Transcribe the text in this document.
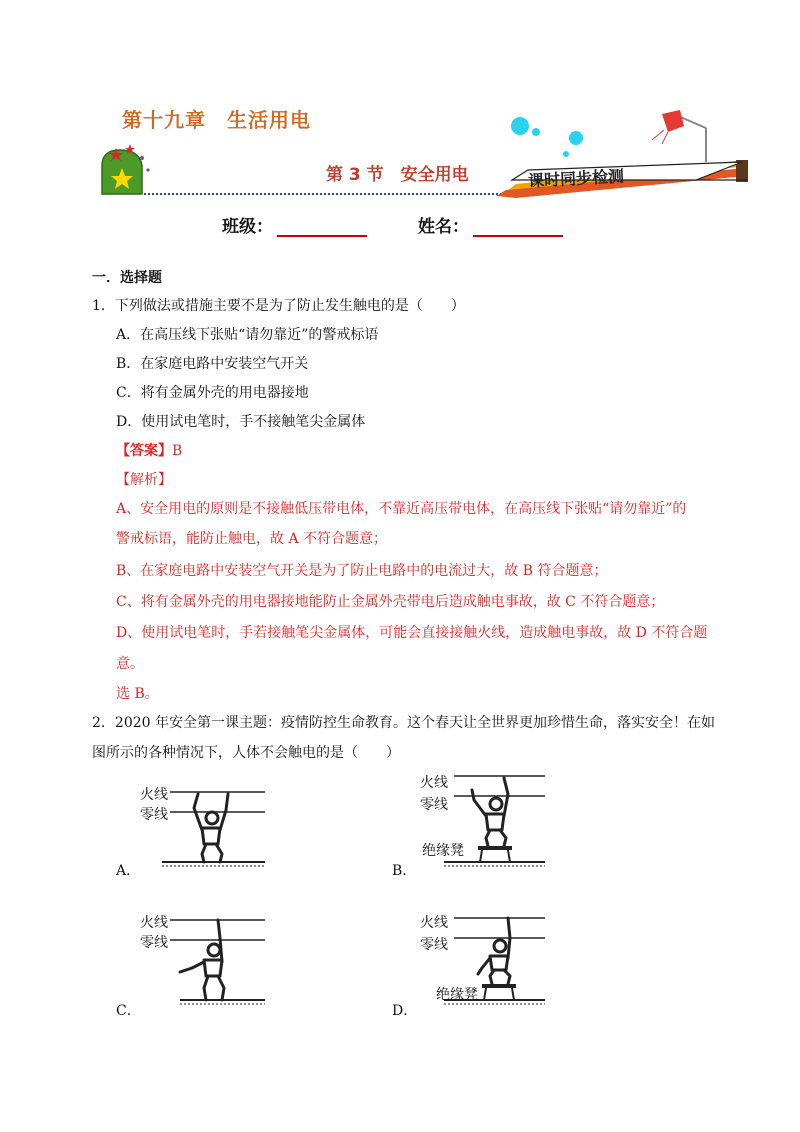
第十九章　生活用电
第 3 节　安全用电	课时同步检测
班级：	姓名：
一．选择题
1．下列做法或措施主要不是为了防止发生触电的是（　　）
A．在高压线下张贴“请勿靠近”的警戒标语
B．在家庭电路中安装空气开关
C．将有金属外壳的用电器接地
D．使用试电笔时，手不接触笔尖金属体
【答案】B
【解析】
A、安全用电的原则是不接触低压带电体，不靠近高压带电体，在高压线下张贴“请勿靠近”的
警戒标语，能防止触电，故 A 不符合题意；
B、在家庭电路中安装空气开关是为了防止电路中的电流过大，故 B 符合题意；
C、将有金属外壳的用电器接地能防止金属外壳带电后造成触电事故，故 C 不符合题意；
D、使用试电笔时，手若接触笔尖金属体，可能会直接接触火线，造成触电事故，故 D 不符合题
意。
选 B。
2．2020 年安全第一课主题：疫情防控生命教育。这个春天让全世界更加珍惜生命，落实安全！在如
图所示的各种情况下，人体不会触电的是（　　）
火线
零线
A．
火线
零线
绝缘凳
B．
火线
零线
C．
火线
零线
绝缘凳
D．
